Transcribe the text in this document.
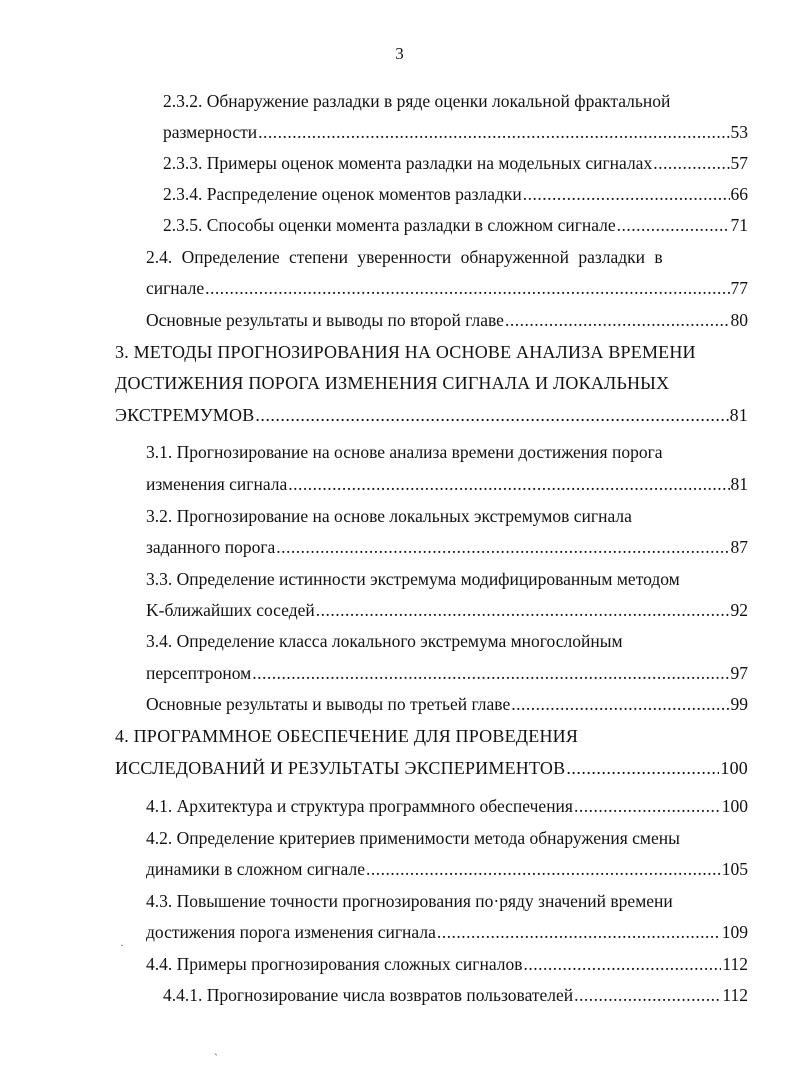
3
2.3.2. Обнаружение разладки в ряде оценки локальной фрактальной
размерности .....	53
2.3.3. Примеры оценок момента разладки на модельных сигналах .....	57
2.3.4. Распределение оценок моментов разладки .....	66
2.3.5. Способы оценки момента разладки в сложном сигнале .....	71
2.4. Определение степени уверенности обнаруженной разладки в
сигнале .....	77
Основные результаты и выводы по второй главе .....	80
3. МЕТОДЫ ПРОГНОЗИРОВАНИЯ НА ОСНОВЕ АНАЛИЗА ВРЕМЕНИ
ДОСТИЖЕНИЯ ПОРОГА ИЗМЕНЕНИЯ СИГНАЛА И ЛОКАЛЬНЫХ
ЭКСТРЕМУМОВ .....	81
3.1. Прогнозирование на основе анализа времени достижения порога
изменения сигнала .....	81
3.2. Прогнозирование на основе локальных экстремумов сигнала
заданного порога .....	87
3.3. Определение истинности экстремума модифицированным методом
K-ближайших соседей .....	92
3.4. Определение класса локального экстремума многослойным
персептроном .....	97
Основные результаты и выводы по третьей главе .....	99
4. ПРОГРАММНОЕ ОБЕСПЕЧЕНИЕ ДЛЯ ПРОВЕДЕНИЯ
ИССЛЕДОВАНИЙ И РЕЗУЛЬТАТЫ ЭКСПЕРИМЕНТОВ .....	100
4.1. Архитектура и структура программного обеспечения .....	100
4.2. Определение критериев применимости метода обнаружения смены
динамики в сложном сигнале .....	105
4.3. Повышение точности прогнозирования по·ряду значений времени
достижения порога изменения сигнала .....	109
4.4. Примеры прогнозирования сложных сигналов .....	112
4.4.1. Прогнозирование числа возвратов пользователей .....	112
·
ˏ
